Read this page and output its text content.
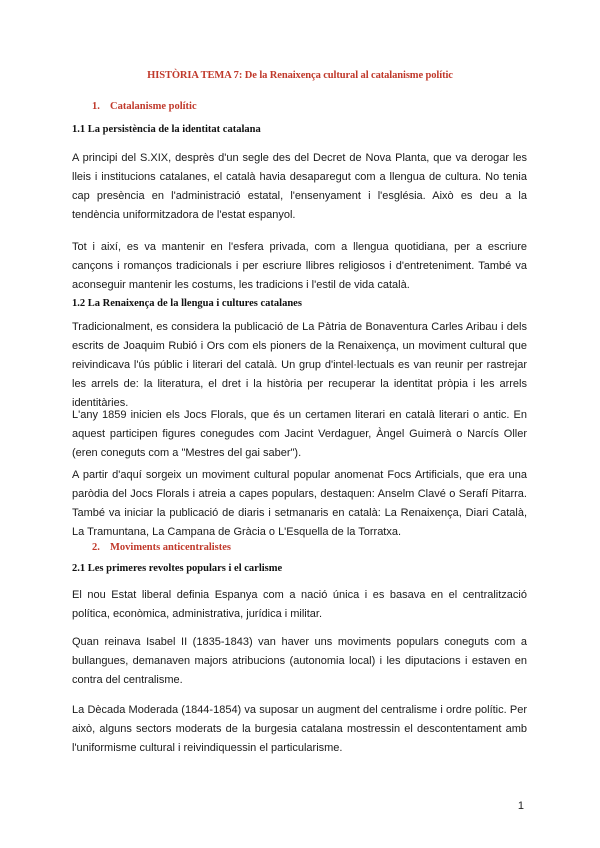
HISTÒRIA TEMA 7: De la Renaixença cultural al catalanisme polític
1. Catalanisme polític
1.1 La persistència de la identitat catalana

A principi del S.XIX, desprès d'un segle des del Decret de Nova Planta, que va derogar les lleis i institucions catalanes, el català havia desaparegut com a llengua de cultura. No tenia cap presència en l'administració estatal, l'ensenyament i l'església. Això es deu a la tendència uniformitzadora de l'estat espanyol.

Tot i així, es va mantenir en l'esfera privada, com a llengua quotidiana, per a escriure cançons i romanços tradicionals i per escriure llibres religiosos i d'entreteniment. També va aconseguir mantenir les costums, les tradicions i l'estil de vida català.

1.2 La Renaixença de la llengua i cultures catalanes

Tradicionalment, es considera la publicació de La Pàtria de Bonaventura Carles Aribau i dels escrits de Joaquim Rubió i Ors com els pioners de la Renaixença, un moviment cultural que reivindicava l'ús públic i literari del català. Un grup d'intel·lectuals es van reunir per rastrejar les arrels de: la literatura, el dret i la història per recuperar la identitat pròpia i les arrels identitàries.

L'any 1859 inicien els Jocs Florals, que és un certamen literari en català literari o antic. En aquest participen figures conegudes com Jacint Verdaguer, Àngel Guimerà o Narcís Oller (eren coneguts com a "Mestres del gai saber").

A partir d'aquí sorgeix un moviment cultural popular anomenat Focs Artificials, que era una paròdia del Jocs Florals i atreia a capes populars, destaquen: Anselm Clavé o Serafí Pitarra. També va iniciar la publicació de diaris i setmanaris en català: La Renaixença, Diari Català, La Tramuntana, La Campana de Gràcia o L'Esquella de la Torratxa.

2. Moviments anticentralistes
2.1 Les primeres revoltes populars i el carlisme

El nou Estat liberal definia Espanya com a nació única i es basava en el centralització política, econòmica, administrativa, jurídica i militar.

Quan reinava Isabel II (1835-1843) van haver uns moviments populars coneguts com a bullangues, demanaven majors atribucions (autonomia local) i les diputacions i estaven en contra del centralisme.

La Dècada Moderada (1844-1854) va suposar un augment del centralisme i ordre polític. Per això, alguns sectors moderats de la burgesia catalana mostressin el descontentament amb l'uniformisme cultural i reivindiquessin el particularisme.

1
